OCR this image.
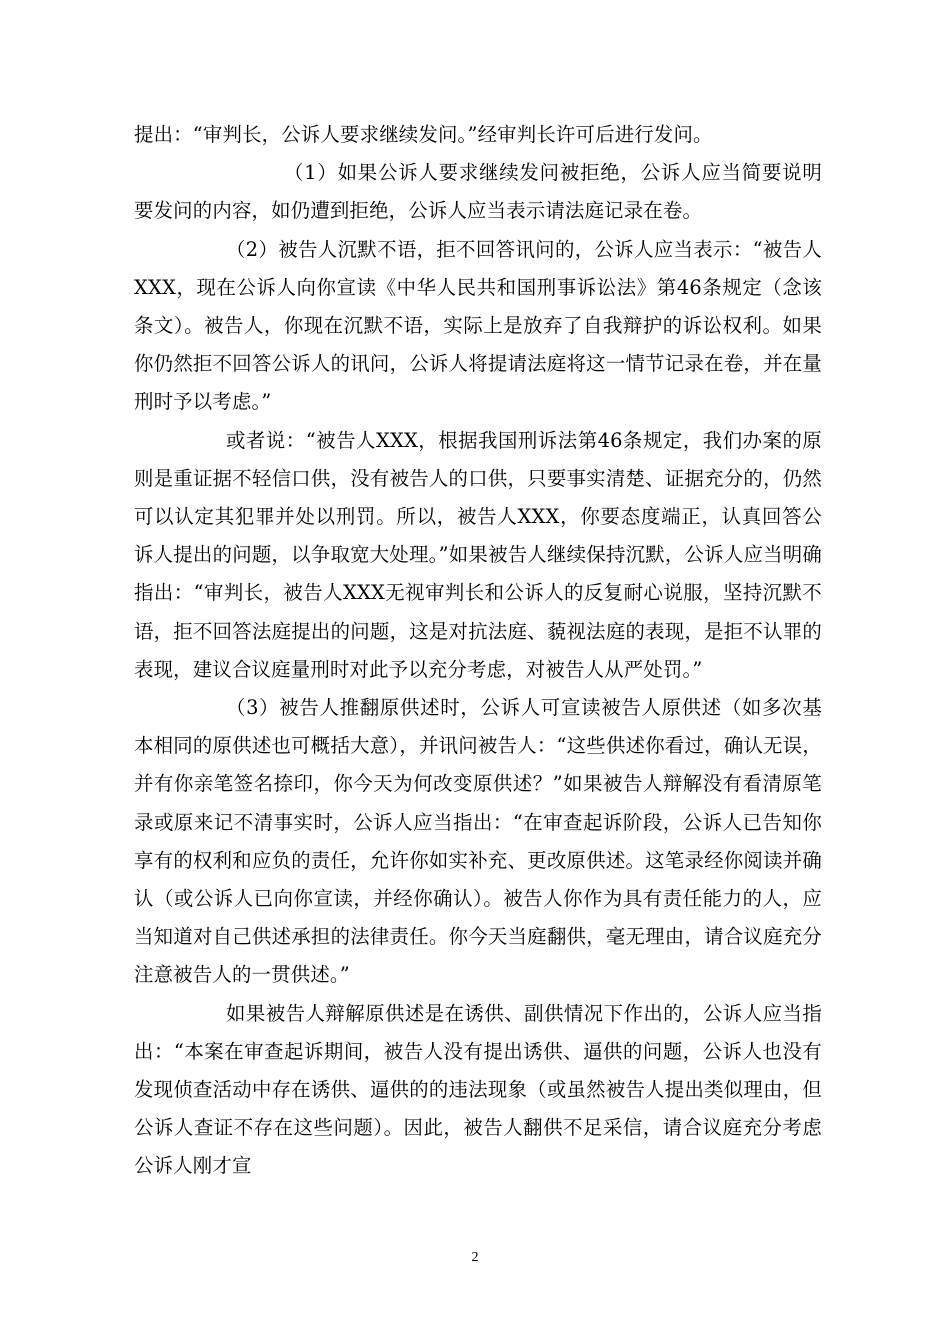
提出：“审判长，公诉人要求继续发问。”经审判长许可后进行发问。

（1）如果公诉人要求继续发问被拒绝，公诉人应当简要说明要发问的内容，如仍遭到拒绝，公诉人应当表示请法庭记录在卷。

（2）被告人沉默不语，拒不回答讯问的，公诉人应当表示：“被告人XXX，现在公诉人向你宣读《中华人民共和国刑事诉讼法》第46条规定（念该条文）。被告人，你现在沉默不语，实际上是放弃了自我辩护的诉讼权利。如果你仍然拒不回答公诉人的讯问，公诉人将提请法庭将这一情节记录在卷，并在量刑时予以考虑。”

或者说：“被告人XXX，根据我国刑诉法第46条规定，我们办案的原则是重证据不轻信口供，没有被告人的口供，只要事实清楚、证据充分的，仍然可以认定其犯罪并处以刑罚。所以，被告人XXX，你要态度端正，认真回答公诉人提出的问题，以争取宽大处理。”如果被告人继续保持沉默，公诉人应当明确指出：“审判长，被告人XXX无视审判长和公诉人的反复耐心说服，坚持沉默不语，拒不回答法庭提出的问题，这是对抗法庭、藐视法庭的表现，是拒不认罪的表现，建议合议庭量刑时对此予以充分考虑，对被告人从严处罚。”

（3）被告人推翻原供述时，公诉人可宣读被告人原供述（如多次基本相同的原供述也可概括大意），并讯问被告人：“这些供述你看过，确认无误，并有你亲笔签名捺印，你今天为何改变原供述？”如果被告人辩解没有看清原笔录或原来记不清事实时，公诉人应当指出：“在审查起诉阶段，公诉人已告知你享有的权利和应负的责任，允许你如实补充、更改原供述。这笔录经你阅读并确认（或公诉人已向你宣读，并经你确认）。被告人你作为具有责任能力的人，应当知道对自己供述承担的法律责任。你今天当庭翻供，毫无理由，请合议庭充分注意被告人的一贯供述。”

如果被告人辩解原供述是在诱供、副供情况下作出的，公诉人应当指出：“本案在审查起诉期间，被告人没有提出诱供、逼供的问题，公诉人也没有发现侦查活动中存在诱供、逼供的的违法现象（或虽然被告人提出类似理由，但公诉人查证不存在这些问题）。因此，被告人翻供不足采信，请合议庭充分考虑公诉人刚才宣

2
